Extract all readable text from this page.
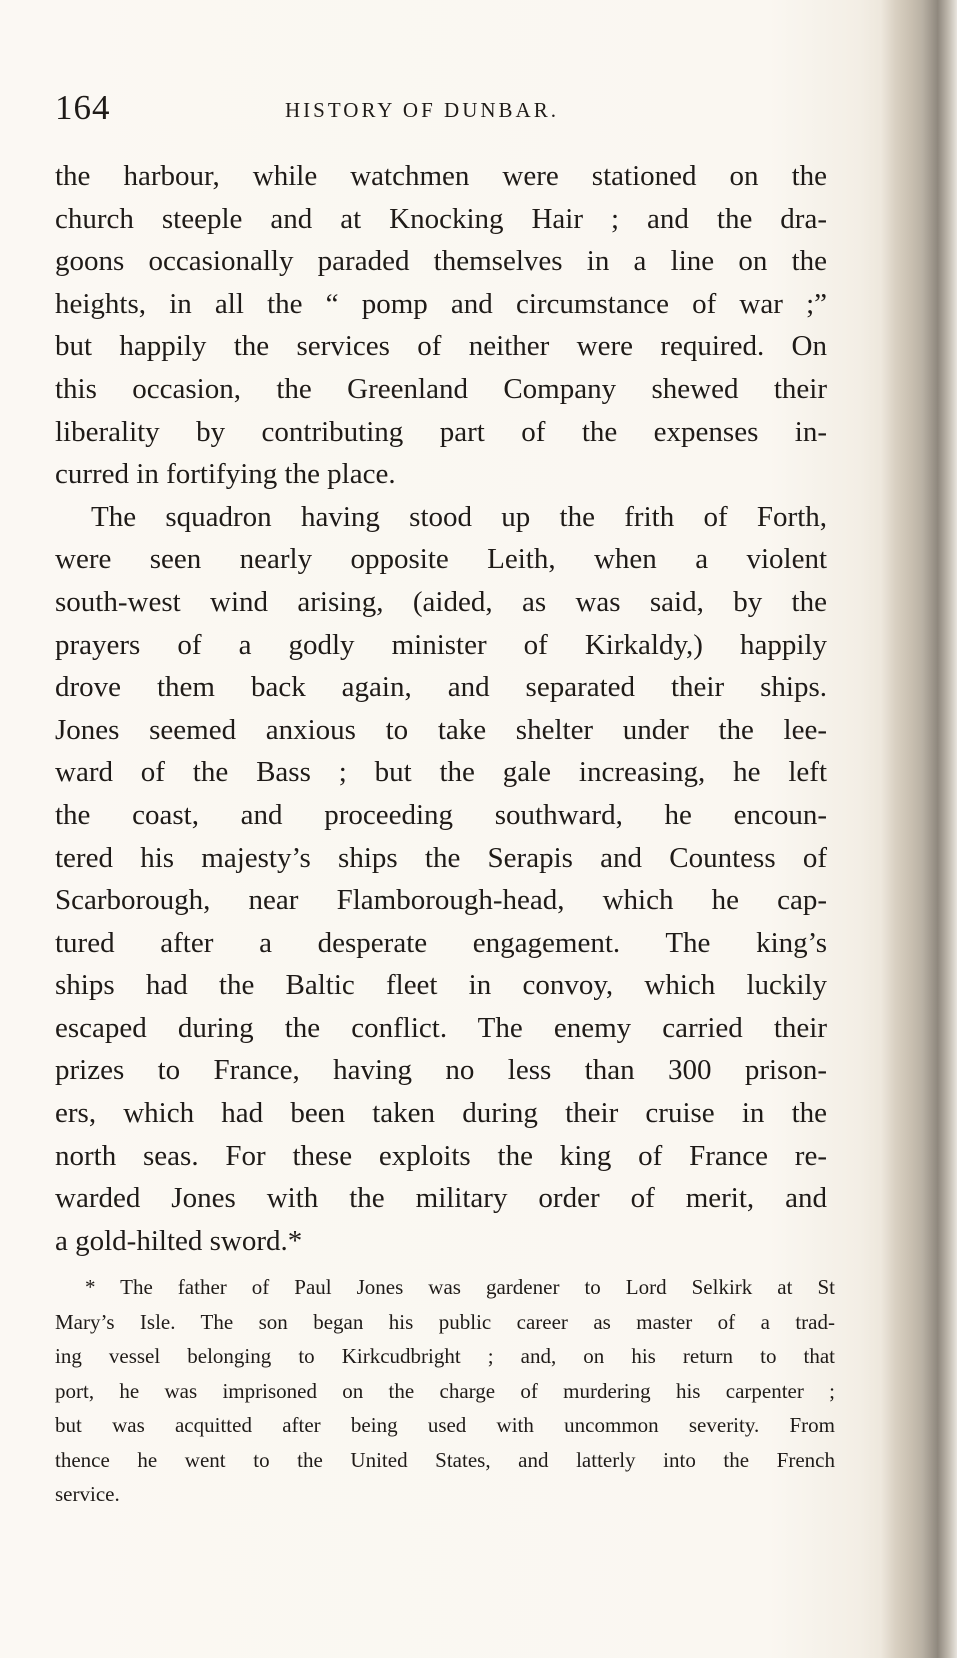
164	HISTORY OF DUNBAR.
the harbour, while watchmen were stationed on the
church steeple and at Knocking Hair ; and the dra-
goons occasionally paraded themselves in a line on the
heights, in all the “ pomp and circumstance of war ;”
but happily the services of neither were required. On
this occasion, the Greenland Company shewed their
liberality by contributing part of the expenses in-
curred in fortifying the place.
The squadron having stood up the frith of Forth,
were seen nearly opposite Leith, when a violent
south-west wind arising, (aided, as was said, by the
prayers of a godly minister of Kirkaldy,) happily
drove them back again, and separated their ships.
Jones seemed anxious to take shelter under the lee-
ward of the Bass ; but the gale increasing, he left
the coast, and proceeding southward, he encoun-
tered his majesty’s ships the Serapis and Countess of
Scarborough, near Flamborough-head, which he cap-
tured after a desperate engagement. The king’s
ships had the Baltic fleet in convoy, which luckily
escaped during the conflict. The enemy carried their
prizes to France, having no less than 300 prison-
ers, which had been taken during their cruise in the
north seas. For these exploits the king of France re-
warded Jones with the military order of merit, and
a gold-hilted sword.*
* The father of Paul Jones was gardener to Lord Selkirk at St
Mary’s Isle. The son began his public career as master of a trad-
ing vessel belonging to Kirkcudbright ; and, on his return to that
port, he was imprisoned on the charge of murdering his carpenter ;
but was acquitted after being used with uncommon severity. From
thence he went to the United States, and latterly into the French
service.
